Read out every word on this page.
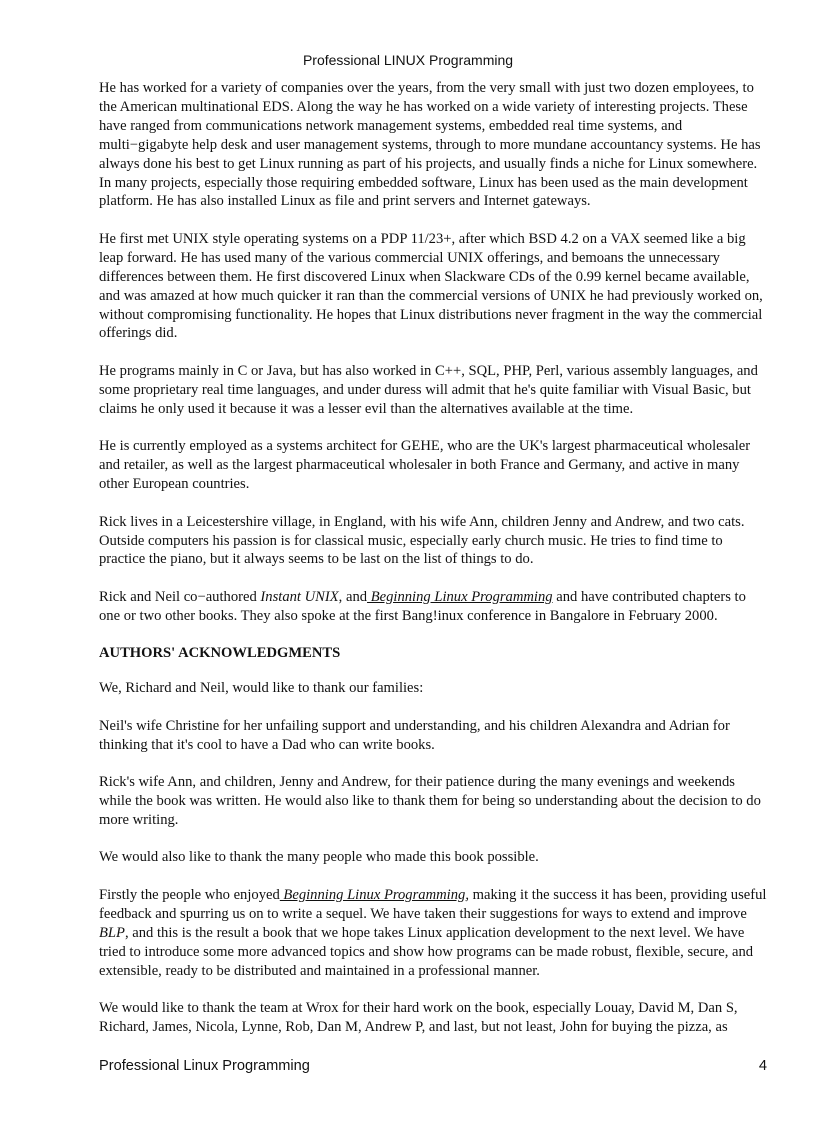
Professional LINUX Programming

He has worked for a variety of companies over the years, from the very small with just two dozen employees, to the American multinational EDS. Along the way he has worked on a wide variety of interesting projects. These have ranged from communications network management systems, embedded real time systems, and multi−gigabyte help desk and user management systems, through to more mundane accountancy systems. He has always done his best to get Linux running as part of his projects, and usually finds a niche for Linux somewhere. In many projects, especially those requiring embedded software, Linux has been used as the main development platform. He has also installed Linux as file and print servers and Internet gateways.

He first met UNIX style operating systems on a PDP 11/23+, after which BSD 4.2 on a VAX seemed like a big leap forward. He has used many of the various commercial UNIX offerings, and bemoans the unnecessary differences between them. He first discovered Linux when Slackware CDs of the 0.99 kernel became available, and was amazed at how much quicker it ran than the commercial versions of UNIX he had previously worked on, without compromising functionality. He hopes that Linux distributions never fragment in the way the commercial offerings did.

He programs mainly in C or Java, but has also worked in C++, SQL, PHP, Perl, various assembly languages, and some proprietary real time languages, and under duress will admit that he's quite familiar with Visual Basic, but claims he only used it because it was a lesser evil than the alternatives available at the time.

He is currently employed as a systems architect for GEHE, who are the UK's largest pharmaceutical wholesaler and retailer, as well as the largest pharmaceutical wholesaler in both France and Germany, and active in many other European countries.

Rick lives in a Leicestershire village, in England, with his wife Ann, children Jenny and Andrew, and two cats. Outside computers his passion is for classical music, especially early church music. He tries to find time to practice the piano, but it always seems to be last on the list of things to do.

Rick and Neil co−authored Instant UNIX, and Beginning Linux Programming and have contributed chapters to one or two other books. They also spoke at the first Bang!inux conference in Bangalore in February 2000.

AUTHORS' ACKNOWLEDGMENTS

We, Richard and Neil, would like to thank our families:

Neil's wife Christine for her unfailing support and understanding, and his children Alexandra and Adrian for thinking that it's cool to have a Dad who can write books.

Rick's wife Ann, and children, Jenny and Andrew, for their patience during the many evenings and weekends while the book was written. He would also like to thank them for being so understanding about the decision to do more writing.

We would also like to thank the many people who made this book possible.

Firstly the people who enjoyed Beginning Linux Programming, making it the success it has been, providing useful feedback and spurring us on to write a sequel. We have taken their suggestions for ways to extend and improve BLP, and this is the result a book that we hope takes Linux application development to the next level. We have tried to introduce some more advanced topics and show how programs can be made robust, flexible, secure, and extensible, ready to be distributed and maintained in a professional manner.

We would like to thank the team at Wrox for their hard work on the book, especially Louay, David M, Dan S, Richard, James, Nicola, Lynne, Rob, Dan M, Andrew P, and last, but not least, John for buying the pizza, as

Professional Linux Programming	4
